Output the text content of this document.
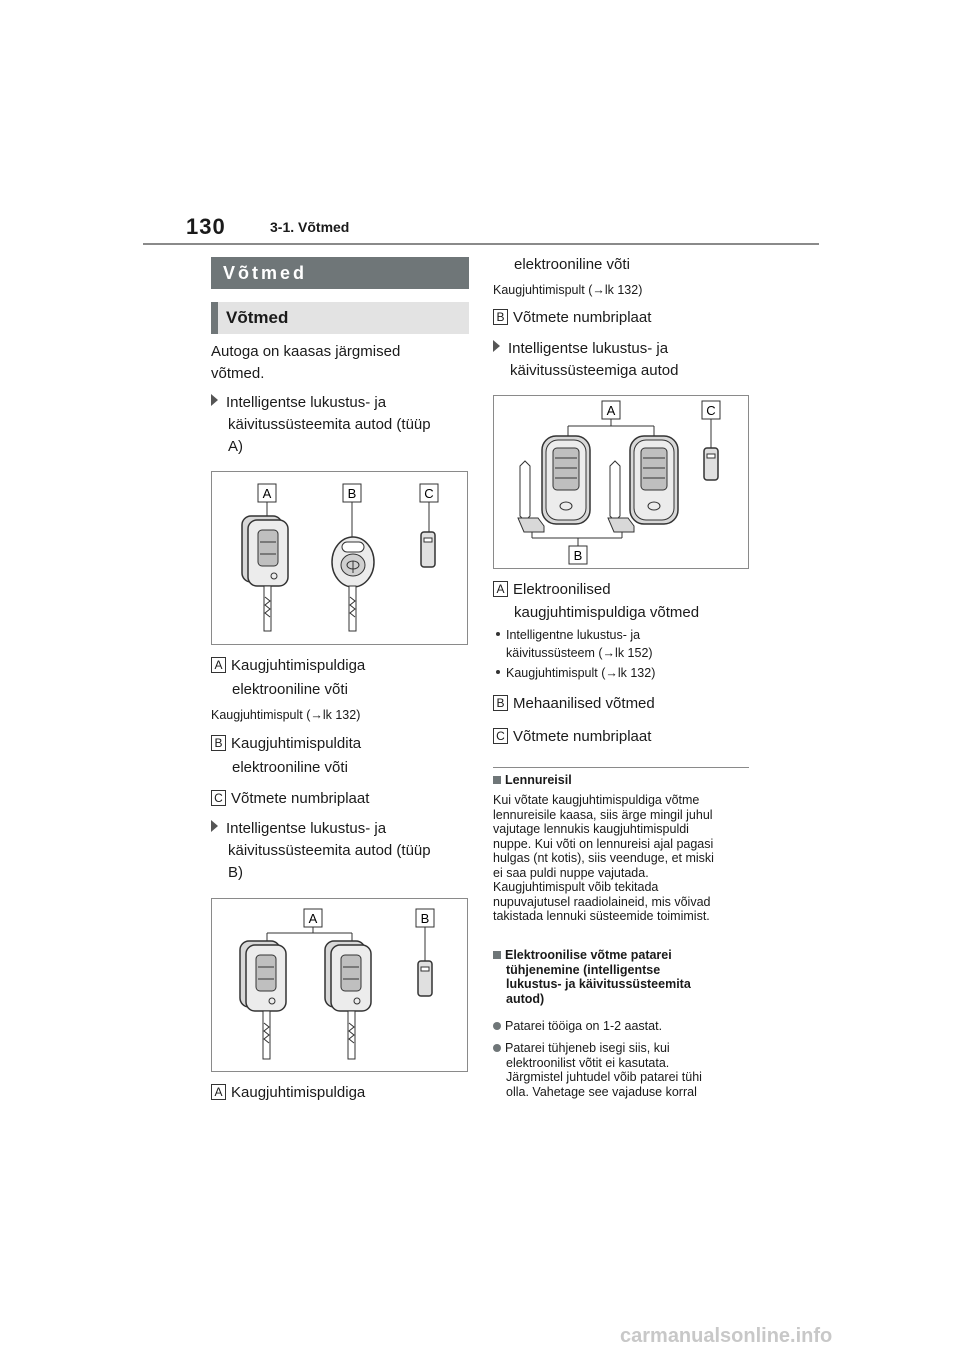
130	3-1. Võtmed
Võtmed
Võtmed
Autoga on kaasas järgmised
võtmed.
Intelligentse lukustus- ja
käivitussüsteemita autod (tüüp
A)
A	B	C
A Kaugjuhtimispuldiga
elektrooniline võti
Kaugjuhtimispult (→lk 132)
B Kaugjuhtimispuldita
elektrooniline võti
C Võtmete numbriplaat
Intelligentse lukustus- ja
käivitussüsteemita autod (tüüp
B)
A	B
A Kaugjuhtimispuldiga
elektrooniline võti
Kaugjuhtimispult (→lk 132)
B Võtmete numbriplaat
Intelligentse lukustus- ja
käivitussüsteemiga autod
A	C
B
A Elektroonilised
kaugjuhtimispuldiga võtmed
Intelligentne lukustus- ja
käivitussüsteem (→lk 152)
Kaugjuhtimispult (→lk 132)
B Mehaanilised võtmed
C Võtmete numbriplaat
Lennureisil
Kui võtate kaugjuhtimispuldiga võtme
lennureisile kaasa, siis ärge mingil juhul
vajutage lennukis kaugjuhtimispuldi
nuppe. Kui võti on lennureisi ajal pagasi
hulgas (nt kotis), siis veenduge, et miski
ei saa puldi nuppe vajutada.
Kaugjuhtimispult võib tekitada
nupuvajutusel raadiolaineid, mis võivad
takistada lennuki süsteemide toimimist.
Elektroonilise võtme patarei
tühjenemine (intelligentse
lukustus- ja käivitussüsteemita
autod)
Patarei tööiga on 1-2 aastat.
Patarei tühjeneb isegi siis, kui
elektroonilist võtit ei kasutata.
Järgmistel juhtudel võib patarei tühi
olla. Vahetage see vajaduse korral
carmanualsonline.info
